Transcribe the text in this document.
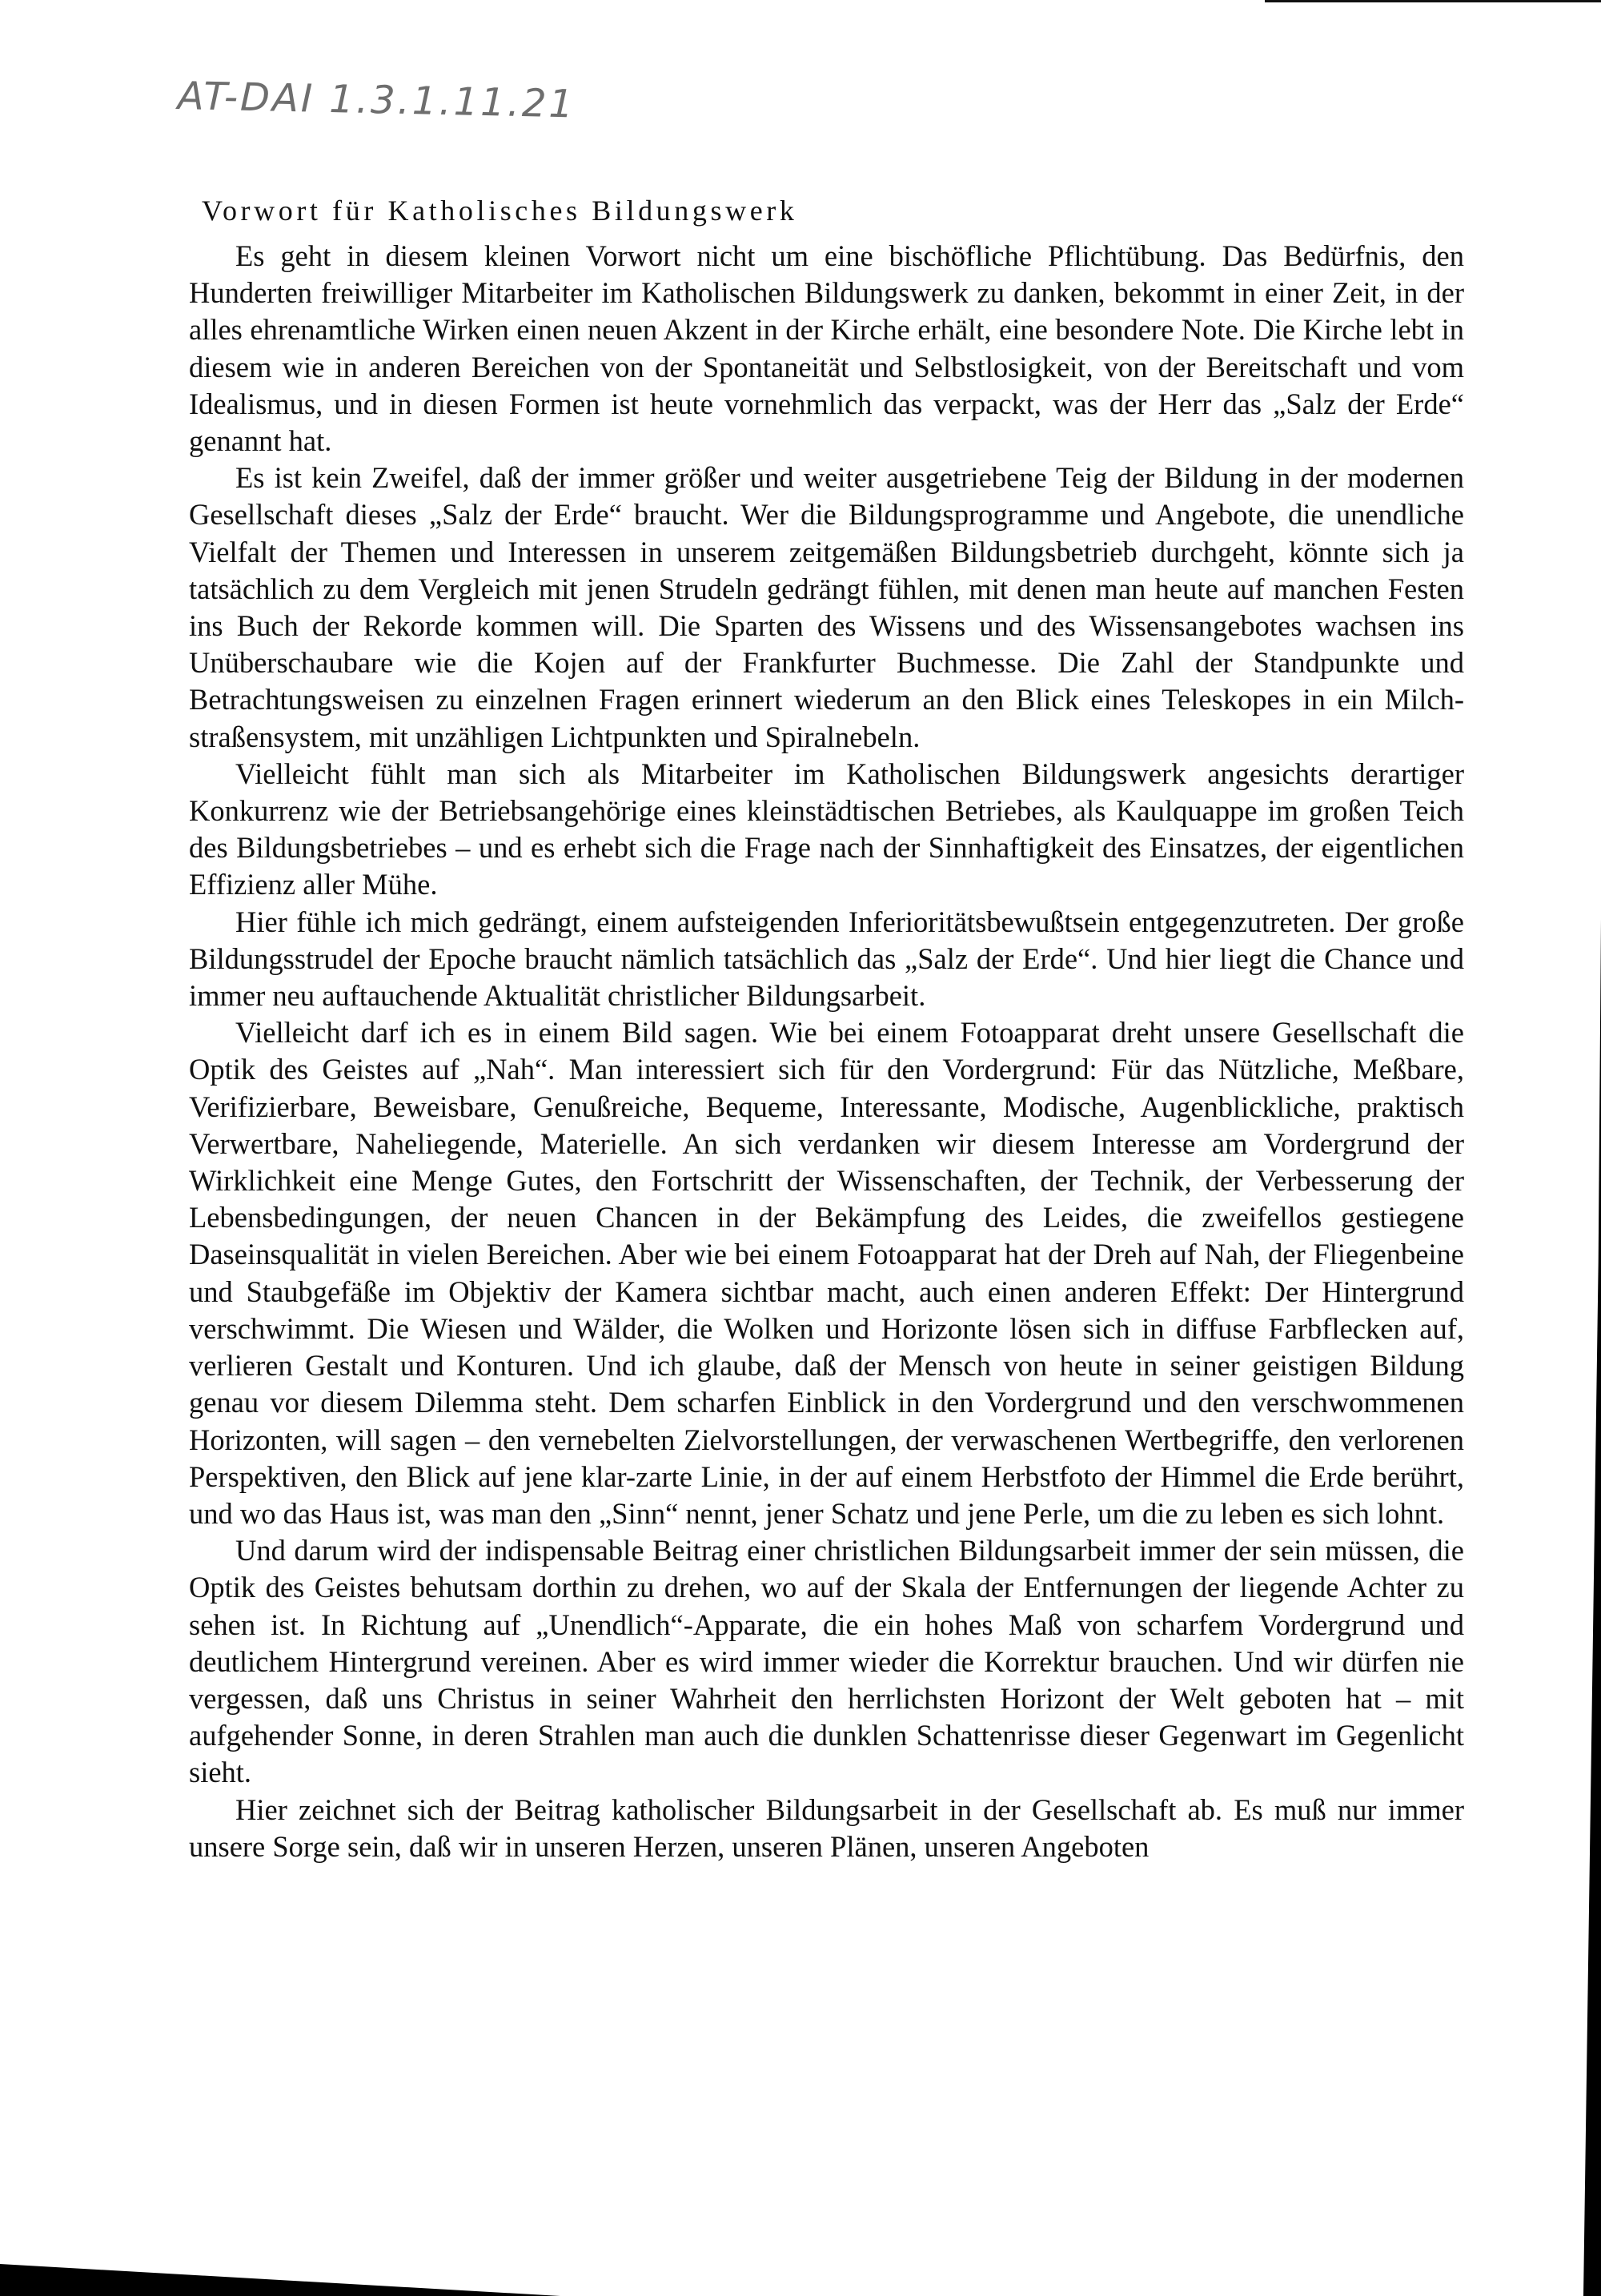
AT-DAI 1.3.1.11.21
Vorwort für Katholisches Bildungswerk

Es geht in diesem kleinen Vorwort nicht um eine bischöfliche Pflichtübung. Das Bedürfnis, den Hunderten freiwilliger Mitarbeiter im Katholischen Bildungswerk zu danken, bekommt in einer Zeit, in der alles ehrenamtliche Wirken einen neuen Akzent in der Kirche erhält, eine besondere Note. Die Kirche lebt in diesem wie in anderen Bereichen von der Spontaneität und Selbstlosigkeit, von der Bereitschaft und vom Idealismus, und in diesen Formen ist heute vornehmlich das verpackt, was der Herr das „Salz der Erde“ genannt hat.

Es ist kein Zweifel, daß der immer größer und weiter ausgetriebene Teig der Bildung in der modernen Gesellschaft dieses „Salz der Erde“ braucht. Wer die Bildungsprogramme und Angebote, die unendliche Vielfalt der Themen und Interessen in unserem zeitgemäßen Bildungsbetrieb durchgeht, könnte sich ja tatsächlich zu dem Vergleich mit jenen Strudeln gedrängt fühlen, mit denen man heute auf manchen Festen ins Buch der Rekorde kommen will. Die Sparten des Wissens und des Wissensangebotes wachsen ins Unüberschaubare wie die Kojen auf der Frankfurter Buchmesse. Die Zahl der Standpunkte und Betrachtungsweisen zu einzelnen Fragen erinnert wiederum an den Blick eines Teleskopes in ein Milch-straßensystem, mit unzähligen Lichtpunkten und Spiralnebeln.

Vielleicht fühlt man sich als Mitarbeiter im Katholischen Bildungswerk angesichts derartiger Konkurrenz wie der Betriebsangehörige eines kleinstädtischen Betriebes, als Kaulquappe im großen Teich des Bildungsbetriebes – und es erhebt sich die Frage nach der Sinnhaftigkeit des Einsatzes, der eigentlichen Effizienz aller Mühe.

Hier fühle ich mich gedrängt, einem aufsteigenden Inferioritätsbewußtsein entgegenzutreten. Der große Bildungsstrudel der Epoche braucht nämlich tatsächlich das „Salz der Erde“. Und hier liegt die Chance und immer neu auftauchende Aktualität christlicher Bildungsarbeit.

Vielleicht darf ich es in einem Bild sagen. Wie bei einem Fotoapparat dreht unsere Gesellschaft die Optik des Geistes auf „Nah“. Man interessiert sich für den Vordergrund: Für das Nützliche, Meßbare, Verifizierbare, Beweisbare, Genußreiche, Bequeme, Interessante, Modische, Augenblickliche, praktisch Verwertbare, Naheliegende, Materielle. An sich verdanken wir diesem Interesse am Vordergrund der Wirklichkeit eine Menge Gutes, den Fortschritt der Wissenschaften, der Technik, der Verbesserung der Lebensbedingungen, der neuen Chancen in der Bekämpfung des Leides, die zweifellos gestiegene Daseinsqualität in vielen Bereichen. Aber wie bei einem Fotoapparat hat der Dreh auf Nah, der Fliegenbeine und Staubgefäße im Objektiv der Kamera sichtbar macht, auch einen anderen Effekt: Der Hintergrund verschwimmt. Die Wiesen und Wälder, die Wolken und Horizonte lösen sich in diffuse Farbflecken auf, verlieren Gestalt und Konturen. Und ich glaube, daß der Mensch von heute in seiner geistigen Bildung genau vor diesem Dilemma steht. Dem scharfen Einblick in den Vordergrund und den verschwommenen Horizonten, will sagen – den vernebelten Zielvorstellungen, der verwaschenen Wertbegriffe, den verlorenen Perspektiven, den Blick auf jene klar-zarte Linie, in der auf einem Herbstfoto der Himmel die Erde berührt, und wo das Haus ist, was man den „Sinn“ nennt, jener Schatz und jene Perle, um die zu leben es sich lohnt.

Und darum wird der indispensable Beitrag einer christlichen Bildungsarbeit immer der sein müssen, die Optik des Geistes behutsam dorthin zu drehen, wo auf der Skala der Entfernungen der liegende Achter zu sehen ist. In Richtung auf „Unendlich“-Apparate, die ein hohes Maß von scharfem Vordergrund und deutlichem Hintergrund vereinen. Aber es wird immer wieder die Korrektur brauchen. Und wir dürfen nie vergessen, daß uns Christus in seiner Wahrheit den herrlichsten Horizont der Welt geboten hat – mit aufgehender Sonne, in deren Strahlen man auch die dunklen Schattenrisse dieser Gegenwart im Gegenlicht sieht.

Hier zeichnet sich der Beitrag katholischer Bildungsarbeit in der Gesellschaft ab. Es muß nur immer unsere Sorge sein, daß wir in unseren Herzen, unseren Plänen, unseren Angeboten
